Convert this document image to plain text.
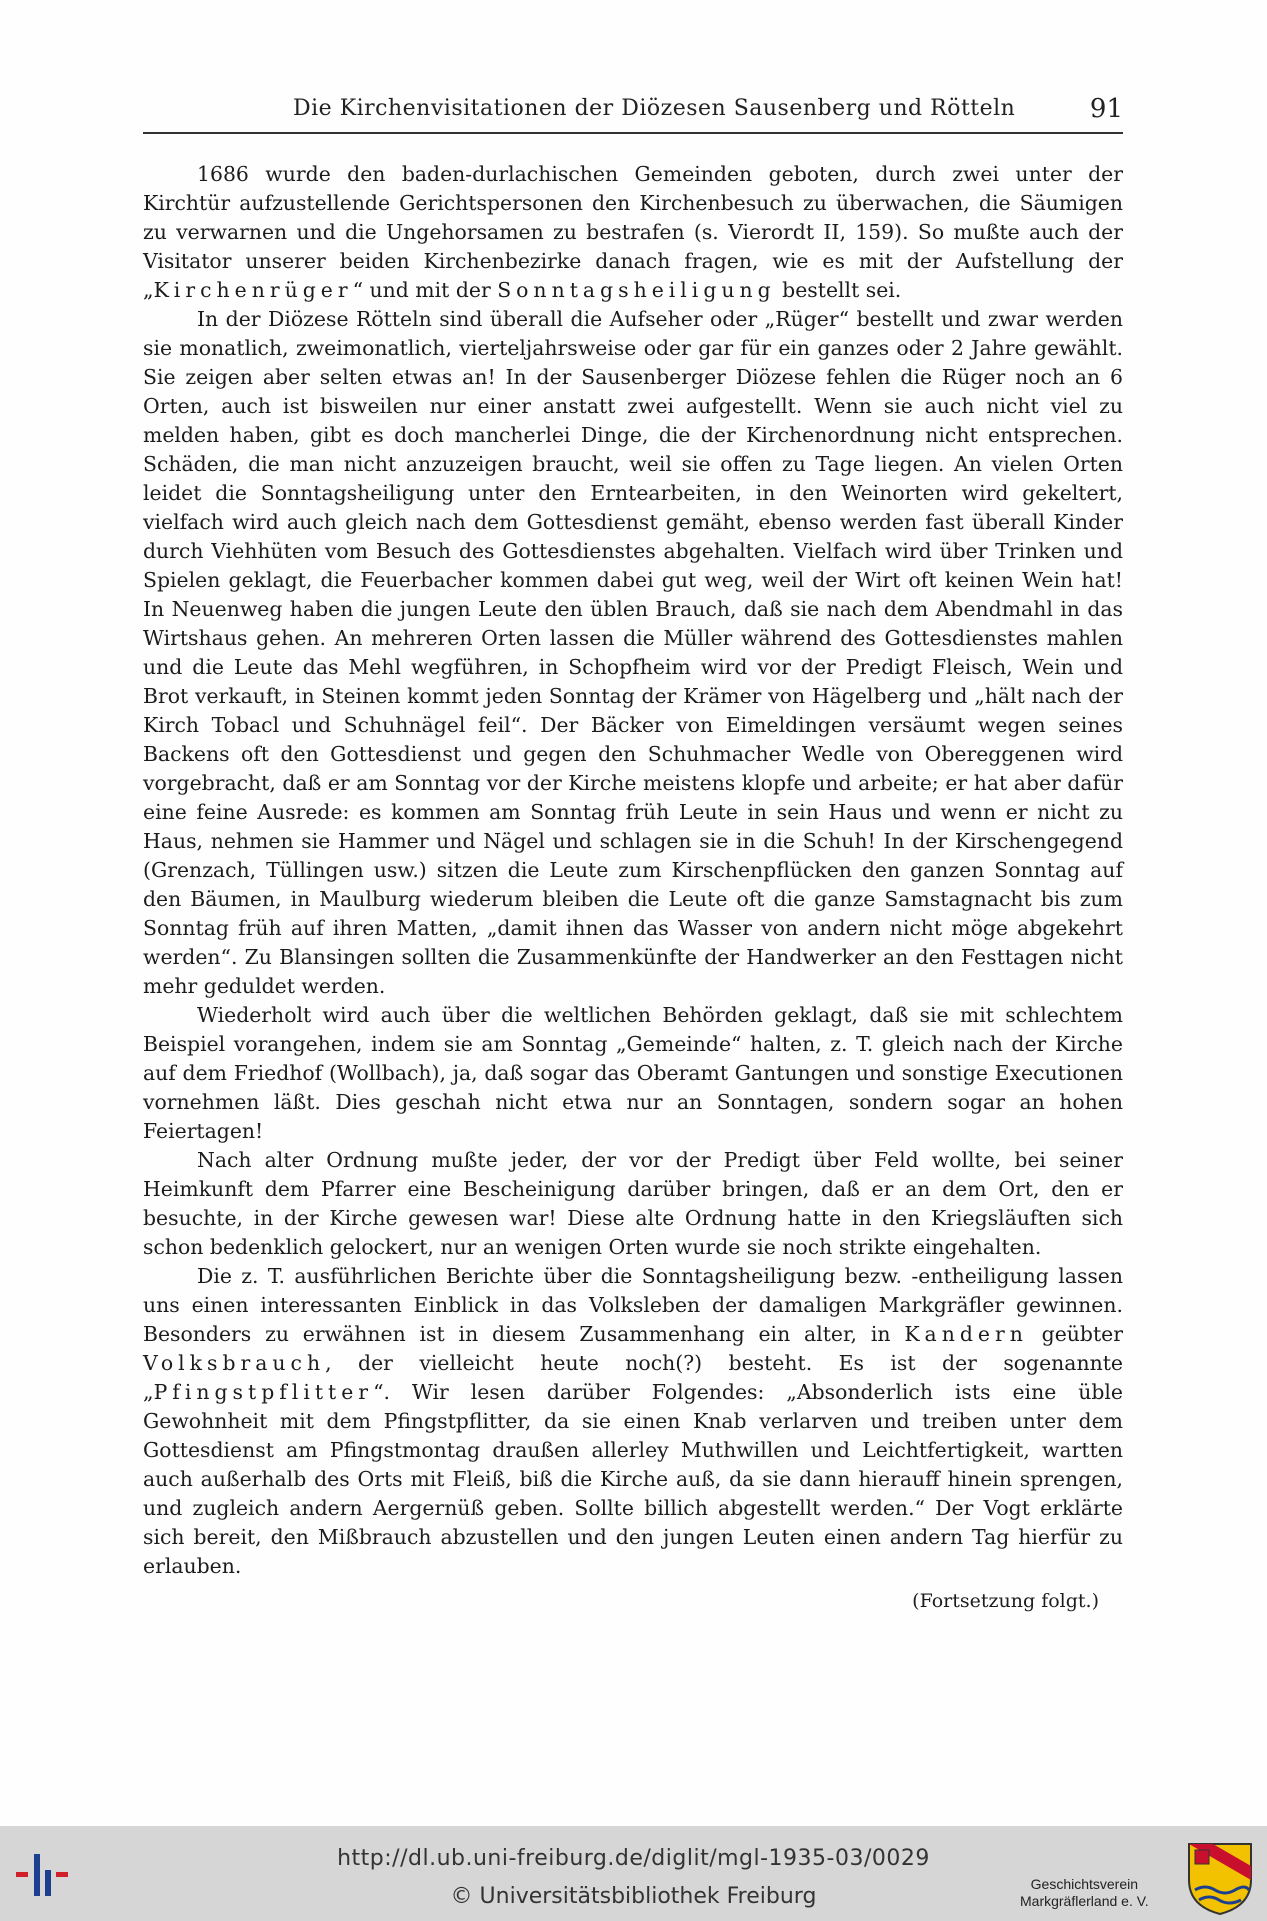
Die Kirchenvisitationen der Diözesen Sausenberg und Rötteln	91

1686 wurde den baden-durlachischen Gemeinden geboten, durch zwei unter der Kirchtür aufzustellende Gerichtspersonen den Kirchenbesuch zu überwachen, die Säumigen zu verwarnen und die Ungehorsamen zu bestrafen (s. Vierordt II, 159). So mußte auch der Visitator unserer beiden Kirchenbezirke danach fragen, wie es mit der Aufstellung der „Kirchenrüger“ und mit der Sonntagsheiligung bestellt sei.

In der Diözese Rötteln sind überall die Aufseher oder „Rüger“ bestellt und zwar werden sie monatlich, zweimonatlich, vierteljahrsweise oder gar für ein ganzes oder 2 Jahre gewählt. Sie zeigen aber selten etwas an! In der Sausenberger Diözese fehlen die Rüger noch an 6 Orten, auch ist bisweilen nur einer anstatt zwei aufgestellt. Wenn sie auch nicht viel zu melden haben, gibt es doch mancherlei Dinge, die der Kirchenordnung nicht entsprechen. Schäden, die man nicht anzuzeigen braucht, weil sie offen zu Tage liegen. An vielen Orten leidet die Sonntagsheiligung unter den Erntearbeiten, in den Weinorten wird gekeltert, vielfach wird auch gleich nach dem Gottesdienst gemäht, ebenso werden fast überall Kinder durch Viehhüten vom Besuch des Gottesdienstes abgehalten. Vielfach wird über Trinken und Spielen geklagt, die Feuerbacher kommen dabei gut weg, weil der Wirt oft keinen Wein hat! In Neuenweg haben die jungen Leute den üblen Brauch, daß sie nach dem Abendmahl in das Wirtshaus gehen. An mehreren Orten lassen die Müller während des Gottesdienstes mahlen und die Leute das Mehl wegführen, in Schopfheim wird vor der Predigt Fleisch, Wein und Brot verkauft, in Steinen kommt jeden Sonntag der Krämer von Hägelberg und „hält nach der Kirch Tobacl und Schuhnägel feil“. Der Bäcker von Eimeldingen versäumt wegen seines Backens oft den Gottesdienst und gegen den Schuhmacher Wedle von Obereggenen wird vorgebracht, daß er am Sonntag vor der Kirche meistens klopfe und arbeite; er hat aber dafür eine feine Ausrede: es kommen am Sonntag früh Leute in sein Haus und wenn er nicht zu Haus, nehmen sie Hammer und Nägel und schlagen sie in die Schuh! In der Kirschengegend (Grenzach, Tüllingen usw.) sitzen die Leute zum Kirschenpflücken den ganzen Sonntag auf den Bäumen, in Maulburg wiederum bleiben die Leute oft die ganze Samstagnacht bis zum Sonntag früh auf ihren Matten, „damit ihnen das Wasser von andern nicht möge abgekehrt werden“. Zu Blansingen sollten die Zusammenkünfte der Handwerker an den Festtagen nicht mehr geduldet werden.

Wiederholt wird auch über die weltlichen Behörden geklagt, daß sie mit schlechtem Beispiel vorangehen, indem sie am Sonntag „Gemeinde“ halten, z. T. gleich nach der Kirche auf dem Friedhof (Wollbach), ja, daß sogar das Oberamt Gantungen und sonstige Executionen vornehmen läßt. Dies geschah nicht etwa nur an Sonntagen, sondern sogar an hohen Feiertagen!

Nach alter Ordnung mußte jeder, der vor der Predigt über Feld wollte, bei seiner Heimkunft dem Pfarrer eine Bescheinigung darüber bringen, daß er an dem Ort, den er besuchte, in der Kirche gewesen war! Diese alte Ordnung hatte in den Kriegsläuften sich schon bedenklich gelockert, nur an wenigen Orten wurde sie noch strikte eingehalten.

Die z. T. ausführlichen Berichte über die Sonntagsheiligung bezw. -entheiligung lassen uns einen interessanten Einblick in das Volksleben der damaligen Markgräfler gewinnen. Besonders zu erwähnen ist in diesem Zusammenhang ein alter, in Kandern geübter Volksbrauch, der vielleicht heute noch(?) besteht. Es ist der sogenannte „Pfingstpflitter“. Wir lesen darüber Folgendes: „Absonderlich ists eine üble Gewohnheit mit dem Pfingstpflitter, da sie einen Knab verlarven und treiben unter dem Gottesdienst am Pfingstmontag draußen allerley Muthwillen und Leichtfertigkeit, wartten auch außerhalb des Orts mit Fleiß, biß die Kirche auß, da sie dann hierauff hinein sprengen, und zugleich andern Aergernüß geben. Sollte billich abgestellt werden.“ Der Vogt erklärte sich bereit, den Mißbrauch abzustellen und den jungen Leuten einen andern Tag hierfür zu erlauben.

(Fortsetzung folgt.)
http://dl.ub.uni-freiburg.de/diglit/mgl-1935-03/0029
© Universitätsbibliothek Freiburg	Geschichtsverein
Markgräflerland e. V.
